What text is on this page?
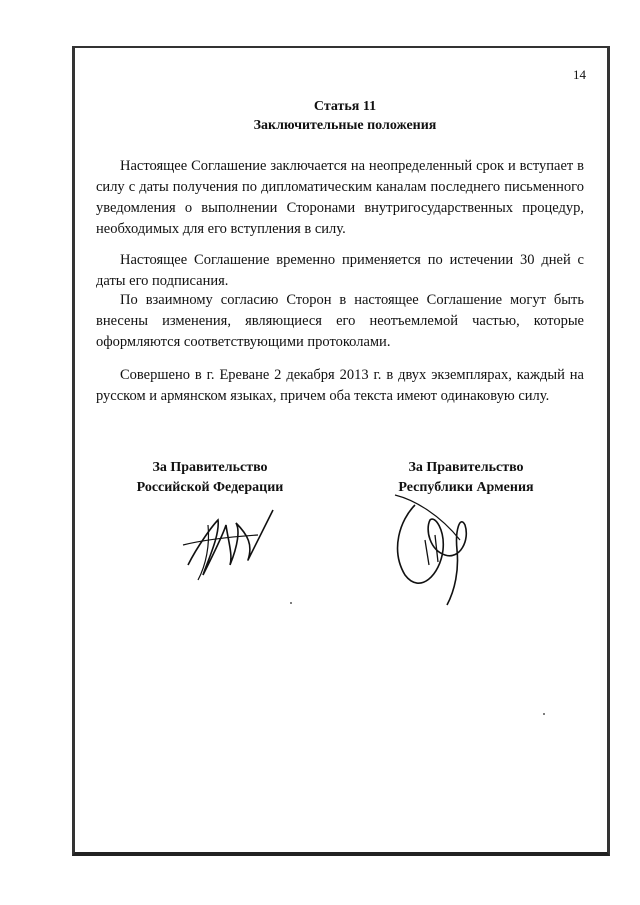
14
Статья 11
Заключительные положения
Настоящее Соглашение заключается на неопределенный срок и вступает в силу с даты получения по дипломатическим каналам последнего письменного уведомления о выполнении Сторонами внутригосударственных процедур, необходимых для его вступления в силу.
Настоящее Соглашение временно применяется по истечении 30 дней с даты его подписания.
По взаимному согласию Сторон в настоящее Соглашение могут быть внесены изменения, являющиеся его неотъемлемой частью, которые оформляются соответствующими протоколами.
Совершено в г. Ереване 2 декабря 2013 г. в двух экземплярах, каждый на русском и армянском языках, причем оба текста имеют одинаковую силу.
За Правительство
Российской Федерации
За Правительство
Республики Армения
